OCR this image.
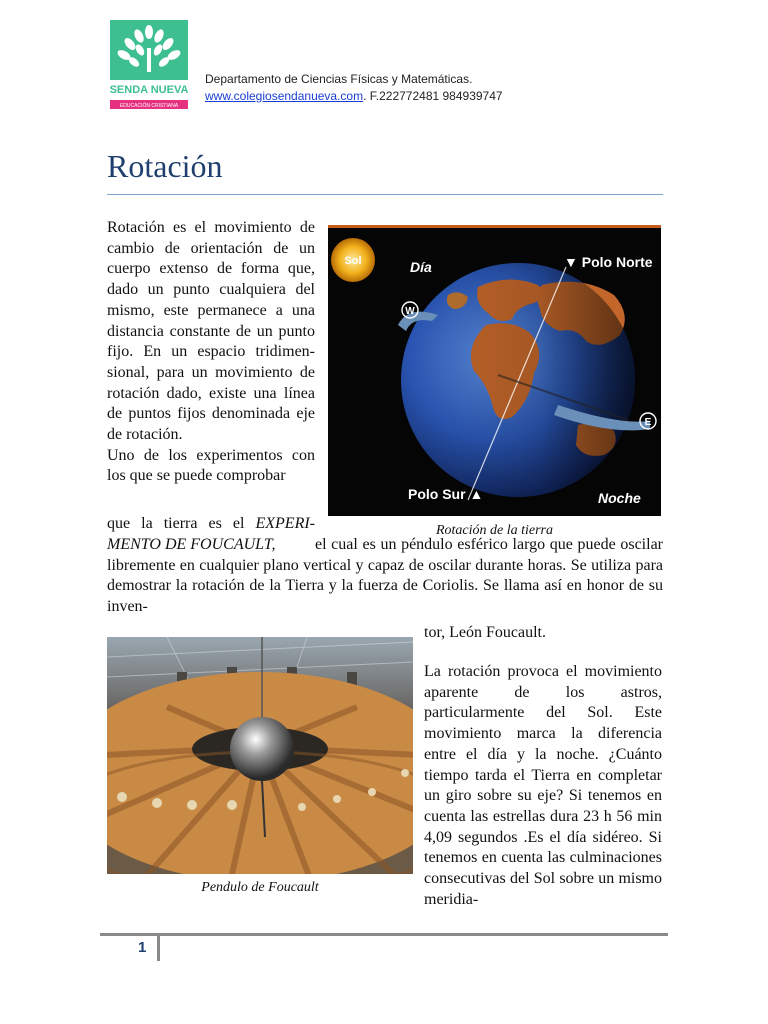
SENDA NUEVA
EDUCACIÓN CRISTIANA
Departamento de Ciencias Físicas y Matemáticas.
www.colegiosendanueva.com. F.222772481 984939747
Rotación

Rotación es el movimiento de cambio de orientación de un cuerpo extenso de forma que, dado un punto cualquiera del mismo, este permanece a una distancia constante de un punto fijo. En un espacio tridimen-sional, para un movimiento de rotación dado, existe una línea de puntos fijos denominada eje de rotación.
Uno de los experimentos con los que se puede comprobar

Sol
W
E
Día	▼ Polo Norte
Polo Sur ▲	Noche
Rotación de la tierra

que la tierra es el EXPERI-MENTO DE FOUCAULT,	el cual es un péndulo esférico largo que puede oscilar libremente en cualquier plano vertical y capaz de oscilar durante horas. Se utiliza para demostrar la rotación de la Tierra y la fuerza de Coriolis. Se llama así en honor de su inven-

tor, León Foucault.

Pendulo de Foucault

La rotación provoca el movimiento aparente de los astros, particularmente del Sol. Este movimiento marca la diferencia entre el día y la noche. ¿Cuánto tiempo tarda el Tierra en completar un giro sobre su eje? Si tenemos en cuenta las estrellas dura 23 h 56 min 4,09 segundos .Es el día sidéreo. Si tenemos en cuenta las culminaciones consecutivas del Sol sobre un mismo meridia-

1
